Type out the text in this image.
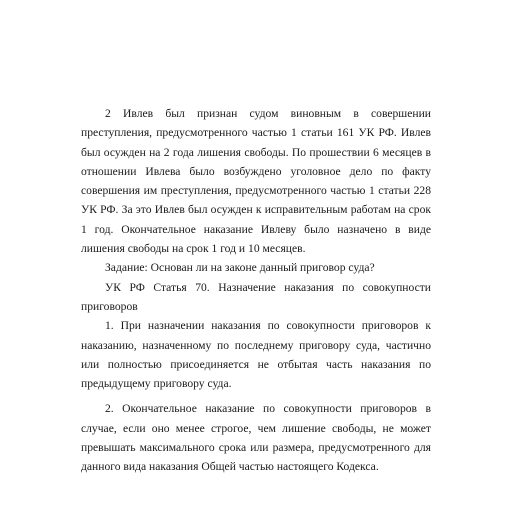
2 Ивлев был признан судом виновным в совершении преступления, предусмотренного частью 1 статьи 161 УК РФ. Ивлев был осужден на 2 года лишения свободы. По прошествии 6 месяцев в отношении Ивлева было возбуждено уголовное дело по факту совершения им преступления, предусмотренного частью 1 статьи 228 УК РФ. За это Ивлев был осужден к исправительным работам на срок 1 год. Окончательное наказание Ивлеву было назначено в виде лишения свободы на срок 1 год и 10 месяцев.

Задание: Основан ли на законе данный приговор суда?

УК РФ Статья 70. Назначение наказания по совокупности приговоров

1. При назначении наказания по совокупности приговоров к наказанию, назначенному по последнему приговору суда, частично или полностью присоединяется не отбытая часть наказания по предыдущему приговору суда.

2. Окончательное наказание по совокупности приговоров в случае, если оно менее строгое, чем лишение свободы, не может превышать максимального срока или размера, предусмотренного для данного вида наказания Общей частью настоящего Кодекса.
